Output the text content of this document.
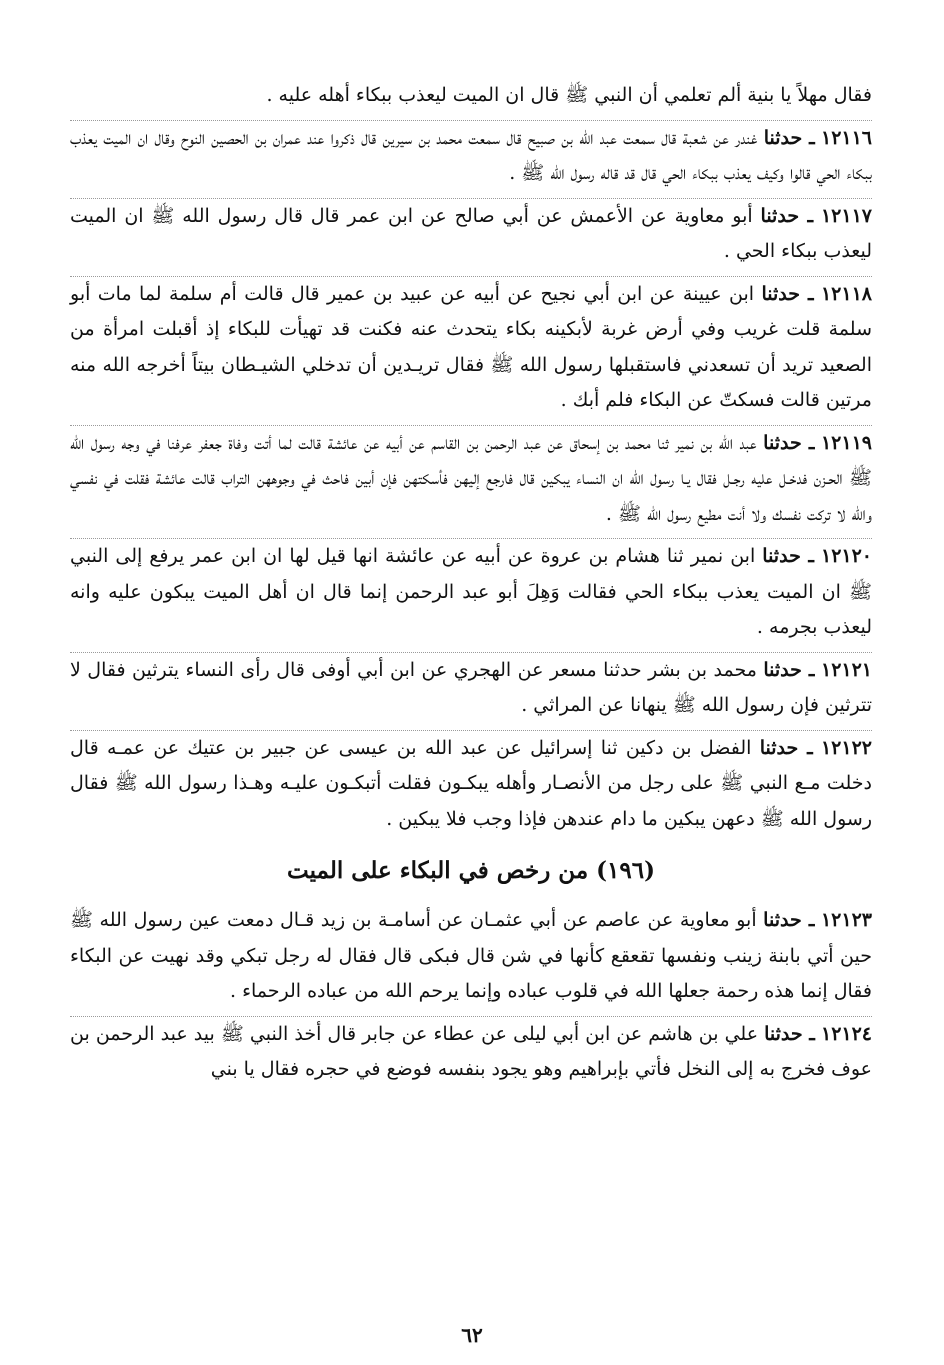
فقال مهلاً يا بنية ألم تعلمي أن النبي ﷺ قال ان الميت ليعذب ببكاء أهله عليه .

١٢١١٦ ـ حدثنا غندر عن شعبة قال سمعت عبد الله بن صبيح قال سمعت محمد بن سيرين قال ذكروا عند عمران بن الحصين النوح وقال ان الميت يعذب ببكاء الحي قالوا وكيف يعذب ببكاء الحي قال قد قاله رسول الله ﷺ .

١٢١١٧ ـ حدثنا أبو معاوية عن الأعمش عن أبي صالح عن ابن عمر قال قال رسول الله ﷺ ان الميت ليعذب ببكاء الحي .

١٢١١٨ ـ حدثنا ابن عيينة عن ابن أبي نجيح عن أبيه عن عبيد بن عمير قال قالت أم سلمة لما مات أبو سلمة قلت غريب وفي أرض غربة لأبكينه بكاء يتحدث عنه فكنت قد تهيأت للبكاء إذ أقبلت امرأة من الصعيد تريد أن تسعدني فاستقبلها رسول الله ﷺ فقال تريـدين أن تدخلي الشيـطان بيتاً أخرجه الله منه مرتين قالت فسكتّ عن البكاء فلم أبك .

١٢١١٩ ـ حدثنا عبد الله بن نمير ثنا محمد بن إسحاق عن عبد الرحمن بن القاسم عن أبيه عن عائشة قالت لما أتت وفاة جعفر عرفنا في وجه رسول الله ﷺ الحـزن فدخـل عليه رجـل فقال يـا رسول الله ان النساء يبكين قال فارجع إليهن فأسكتهن فإن أبين فاحث في وجوههن التراب قالت عائشة فقلت في نفسي والله لا تركت نفسك ولا أنت مطيع رسول الله ﷺ .

١٢١٢٠ ـ حدثنا ابن نمير ثنا هشام بن عروة عن أبيه عن عائشة انها قيل لها ان ابن عمر يرفع إلى النبي ﷺ ان الميت يعذب ببكاء الحي فقالت وَهِلَ أبو عبد الرحمن إنما قال ان أهل الميت يبكون عليه وانه ليعذب بجرمه .

١٢١٢١ ـ حدثنا محمد بن بشر حدثنا مسعر عن الهجري عن ابن أبي أوفى قال رأى النساء يترثين فقال لا تترثين فإن رسول الله ﷺ ينهانا عن المراثي .

١٢١٢٢ ـ حدثنا الفضل بن دكين ثنا إسرائيل عن عبد الله بن عيسى عن جبير بن عتيك عن عمـه قال دخلت مـع النبي ﷺ على رجل من الأنصـار وأهله يبكـون فقلت أتبكـون عليـه وهـذا رسول الله ﷺ فقال رسول الله ﷺ دعهن يبكين ما دام عندهن فإذا وجب فلا يبكين .

(١٩٦) من رخص في البكاء على الميت

١٢١٢٣ ـ حدثنا أبو معاوية عن عاصم عن أبي عثمـان عن أسامـة بن زيد قـال دمعت عين رسول الله ﷺ حين أتي بابنة زينب ونفسها تقعقع كأنها في شن قال فبكى قال فقال له رجل تبكي وقد نهيت عن البكاء فقال إنما هذه رحمة جعلها الله في قلوب عباده وإنما يرحم الله من عباده الرحماء .

١٢١٢٤ ـ حدثنا علي بن هاشم عن ابن أبي ليلى عن عطاء عن جابر قال أخذ النبي ﷺ بيد عبد الرحمن بن عوف فخرج به إلى النخل فأتي بإبراهيم وهو يجود بنفسه فوضع في حجره فقال يا بني

٦٢
